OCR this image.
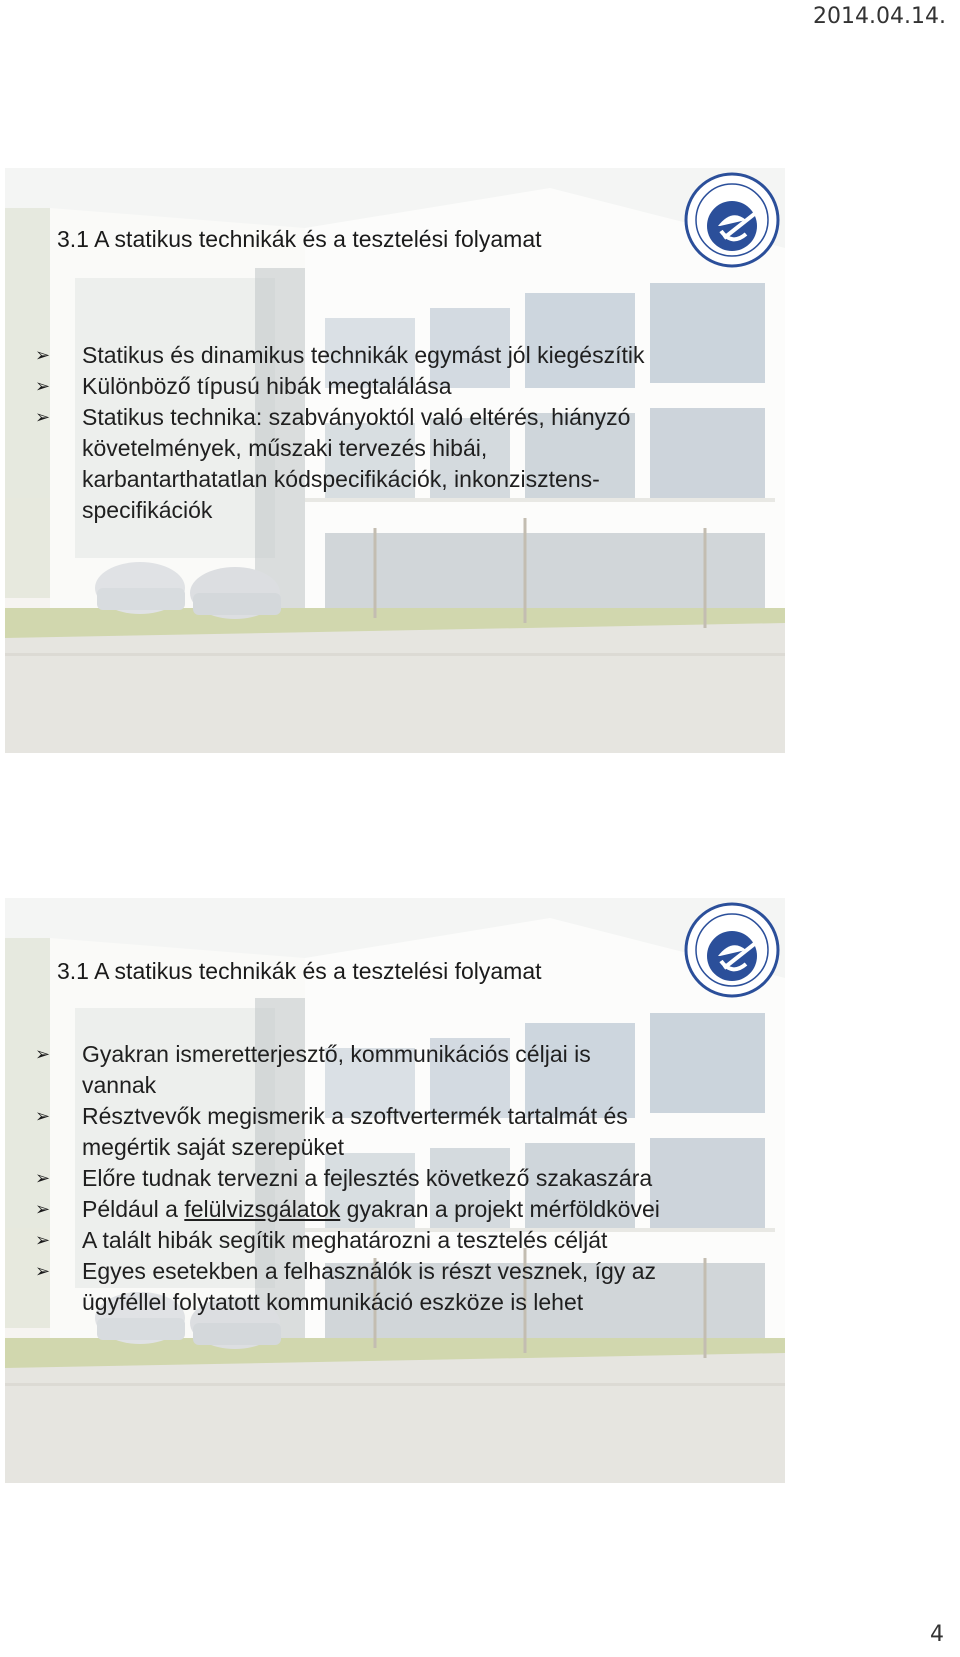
2014.04.14.
3.1 A statikus technikák és a tesztelési folyamat
➢ Statikus és dinamikus technikák egymást jól kiegészítik
➢ Különböző típusú hibák megtalálása
➢ Statikus technika: szabványoktól való eltérés, hiányzó
követelmények, műszaki tervezés hibái,
karbantarthatatlan kódspecifikációk, inkonzisztens-
specifikációk
3.1 A statikus technikák és a tesztelési folyamat
➢ Gyakran ismeretterjesztő, kommunikációs céljai is
vannak
➢ Résztvevők megismerik a szoftvertermék tartalmát és
megértik saját szerepüket
➢ Előre tudnak tervezni a fejlesztés következő szakaszára
➢ Például a felülvizsgálatok gyakran a projekt mérföldkövei
➢ A talált hibák segítik meghatározni a tesztelés célját
➢ Egyes esetekben a felhasználók is részt vesznek, így az
ügyféllel folytatott kommunikáció eszköze is lehet
4
